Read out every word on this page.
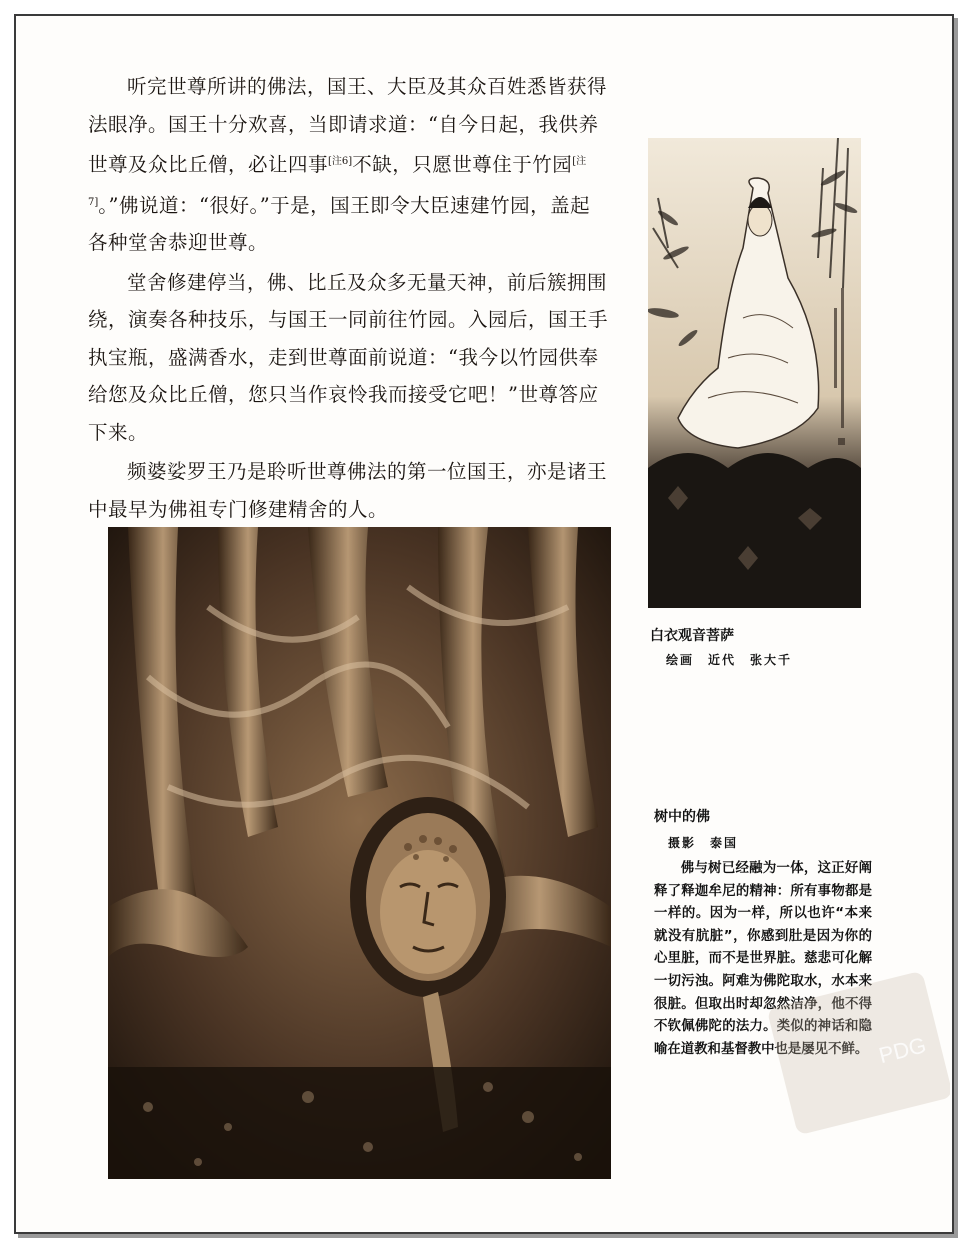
听完世尊所讲的佛法，国王、大臣及其众百姓悉皆获得法眼净。国王十分欢喜，当即请求道：“自今日起，我供养世尊及众比丘僧，必让四事[注6]不缺，只愿世尊住于竹园[注7]。”佛说道：“很好。”于是，国王即令大臣速建竹园，盖起各种堂舍恭迎世尊。

堂舍修建停当，佛、比丘及众多无量天神，前后簇拥围绕，演奏各种技乐，与国王一同前往竹园。入园后，国王手执宝瓶，盛满香水，走到世尊面前说道：“我今以竹园供奉给您及众比丘僧，您只当作哀怜我而接受它吧！”世尊答应下来。

频婆娑罗王乃是聆听世尊佛法的第一位国王，亦是诸王中最早为佛祖专门修建精舍的人。

白衣观音菩萨
绘画 近代 张大千
树中的佛
摄影 泰国
佛与树已经融为一体，这正好阐释了释迦牟尼的精神：所有事物都是一样的。因为一样，所以也许“本来就没有肮脏”，你感到肚是因为你的心里脏，而不是世界脏。慈悲可化解一切污浊。阿难为佛陀取水，水本来很脏。但取出时却忽然洁净，他不得不钦佩佛陀的法力。类似的神话和隐喻在道教和基督教中也是屡见不鲜。 PDG
